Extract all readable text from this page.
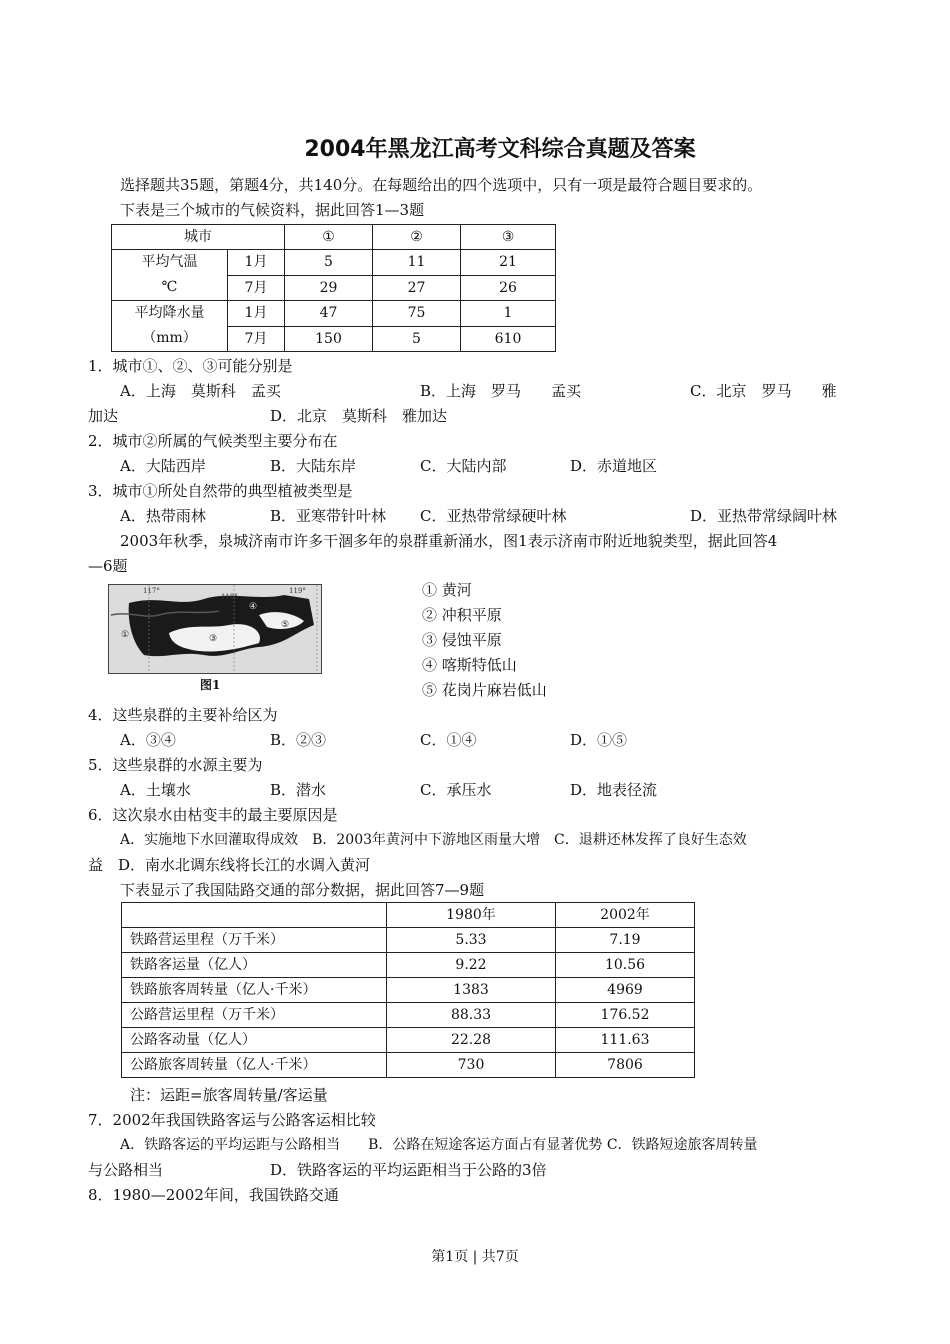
2004年黑龙江高考文科综合真题及答案
选择题共35题，第题4分，共140分。在每题给出的四个选项中，只有一项是最符合题目要求的。
下表是三个城市的气候资料，据此回答1—3题
城市		①	②	③

平均气温
℃	1月	5	11	21
	7月	29	27	26

平均降水量
（mm）	1月	47	75	1
	7月	150	5	610
1．城市①、②、③可能分别是
A．上海　莫斯科　孟买	B．上海　罗马　　孟买	C．北京　罗马　　雅
加达	D．北京　莫斯科　雅加达
2．城市②所属的气候类型主要分布在
A．大陆西岸	B．大陆东岸	C．大陆内部	D．赤道地区
3．城市①所处自然带的典型植被类型是
A．热带雨林	B．亚寒带针叶林 C．亚热带常绿硬叶林	D．亚热带常绿阔叶林
2003年秋季，泉城济南市许多干涸多年的泉群重新涌水，图1表示济南市附近地貌类型，据此回答4
—6题
117°
118°
119°
①
②
③
④
⑤
图1
① 黄河
② 冲积平原
③ 侵蚀平原
④ 喀斯特低山
⑤ 花岗片麻岩低山
4．这些泉群的主要补给区为
A．③④	B．②③	C．①④	D．①⑤
5．这些泉群的水源主要为
A．土壤水	B．潜水	C．承压水	D．地表径流
6．这次泉水由枯变丰的最主要原因是
A．实施地下水回灌取得成效　B．2003年黄河中下游地区雨量大增　C．退耕还林发挥了良好生态效
益　D．南水北调东线将长江的水调入黄河
下表显示了我国陆路交通的部分数据，据此回答7—9题
	1980年	2002年
铁路营运里程（万千米）	5.33	7.19
铁路客运量（亿人）	9.22	10.56
铁路旅客周转量（亿人·千米）	1383	4969
公路营运里程（万千米）	88.33	176.52
公路客动量（亿人）	22.28	111.63
公路旅客周转量（亿人·千米）	730	7806
注：运距=旅客周转量/客运量
7．2002年我国铁路客运与公路客运相比较
A．铁路客运的平均运距与公路相当　　B．公路在短途客运方面占有显著优势 C．铁路短途旅客周转量
与公路相当	D．铁路客运的平均运距相当于公路的3倍
8．1980—2002年间，我国铁路交通
第1页 | 共7页
